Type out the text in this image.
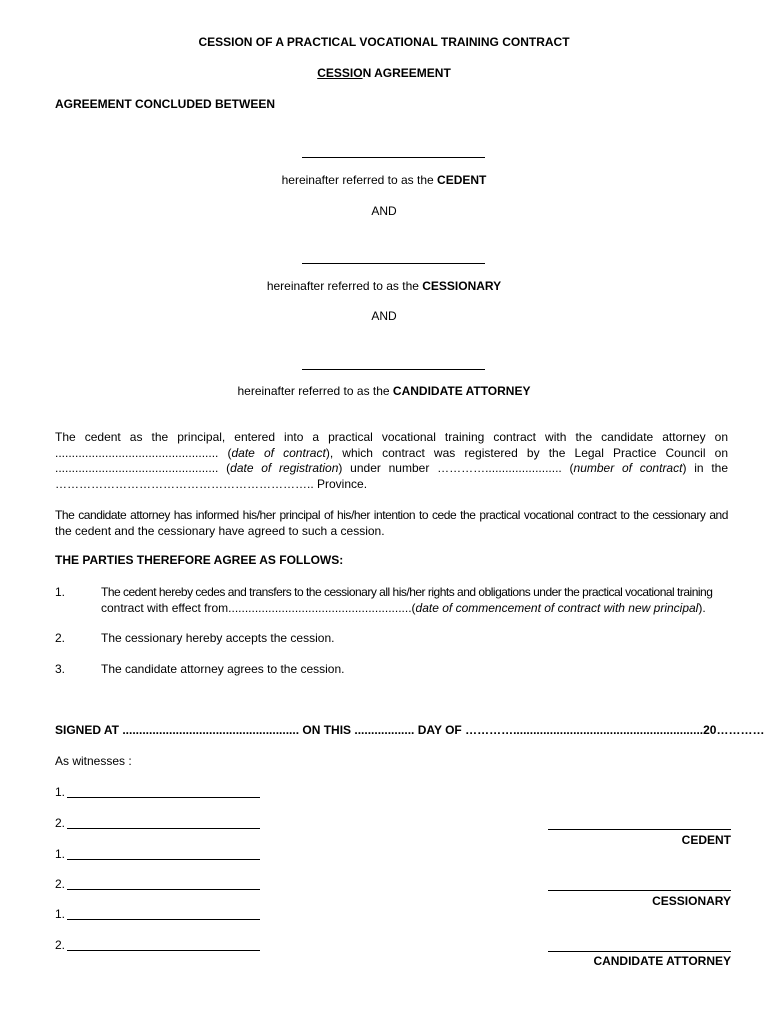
CESSION OF A PRACTICAL VOCATIONAL TRAINING CONTRACT
CESSION AGREEMENT
AGREEMENT CONCLUDED BETWEEN
hereinafter referred to as the CEDENT
AND
hereinafter referred to as the CESSIONARY
AND
hereinafter referred to as the CANDIDATE ATTORNEY
The cedent as the principal, entered into a practical vocational training contract with the candidate attorney on
................................................. (date of contract), which contract was registered by the Legal Practice Council on
................................................. (date of registration) under number …………....................... (number of contract) in the
……………………………………………………….. Province.
The candidate attorney has informed his/her principal of his/her intention to cede the practical vocational contract to the cessionary and
the cedent and the cessionary have agreed to such a cession.
THE PARTIES THEREFORE AGREE AS FOLLOWS:
1.	The cedent hereby cedes and transfers to the cessionary all his/her rights and obligations under the practical vocational training
contract with effect from.......................................................(date of commencement of contract with new principal).
2.	The cessionary hereby accepts the cession.
3.	The candidate attorney agrees to the cession.
SIGNED AT ..................................................... ON THIS .................. DAY OF ………….........................................................20…………
As witnesses :
1.
2.
1.
2.
1.
2.
CEDENT
CESSIONARY
CANDIDATE ATTORNEY
